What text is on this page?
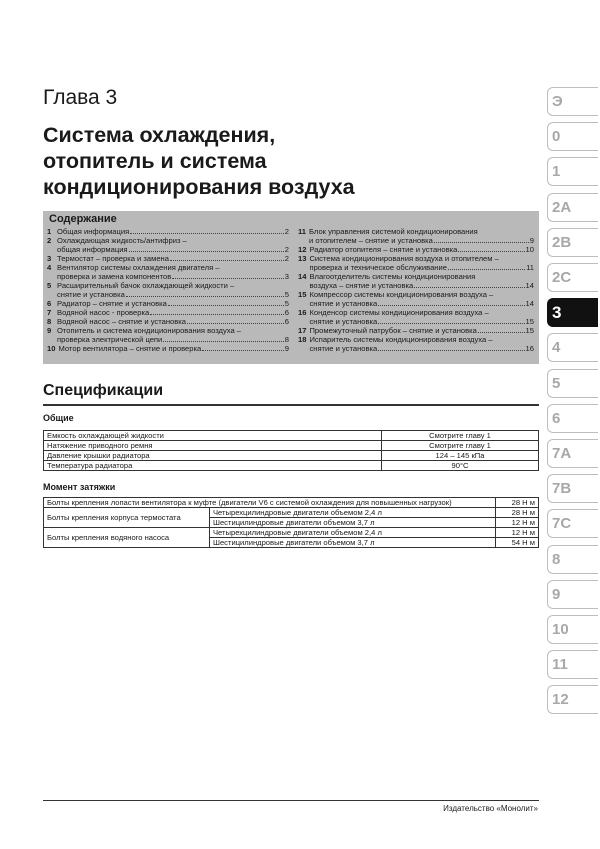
Глава 3
Система охлаждения,
отопитель и система
кондиционирования воздуха
Содержание
1 Общая информация	2
2 Охлаждающая жидкость/антифриз –
общая информация	2
3 Термостат – проверка и замена	2
4 Вентилятор системы охлаждения двигателя –
проверка и замена компонентов	3
5 Расширительный бачок охлаждающей жидкости –
снятие и установка	5
6 Радиатор – снятие и установка	5
7 Водяной насос - проверка	6
8 Водяной насос – снятие и установка	6
9 Отопитель и система кондиционирования воздуха –
проверка электрической цепи	8
10 Мотор вентилятора – снятие и проверка	9
11 Блок управления системой кондиционирования
и отопителем – снятие и установка	9
12 Радиатор отопителя – снятие и установка	10
13 Система кондиционирования воздуха и отопителем –
проверка и техническое обслуживание	11
14 Влагоотделитель системы кондиционирования
воздуха – снятие и установка	14
15 Компрессор системы кондиционирования воздуха –
снятие и установка	14
16 Конденсор системы кондиционирования воздуха –
снятие и установка	15
17 Промежуточный патрубок – снятие и установка	15
18 Испаритель системы кондиционирования воздуха –
снятие и установка	16
Спецификации
Общие
Емкость охлаждающей жидкости	Смотрите главу 1
Натяжение приводного ремня	Смотрите главу 1
Давление крышки радиатора	124 – 145 кПа
Температура радиатора	90°С
Момент затяжки
Болты крепления лопасти вентилятора к муфте (двигатели V6 с системой охлаждения для повышенных нагрузок)		28 Н м
Болты крепления корпуса термостата	Четырехцилиндровые двигатели объемом 2,4 л	28 Н м
	Шестицилиндровые двигатели объемом 3,7 л	12 Н м
Болты крепления водяного насоса	Четырехцилиндровые двигатели объемом 2,4 л	12 Н м
	Шестицилиндровые двигатели объемом 3,7 л	54 Н м
Издательство «Монолит»
Э
0
1
2A
2B
2C
3
4
5
6
7A
7B
7C
8
9
10
11
12
